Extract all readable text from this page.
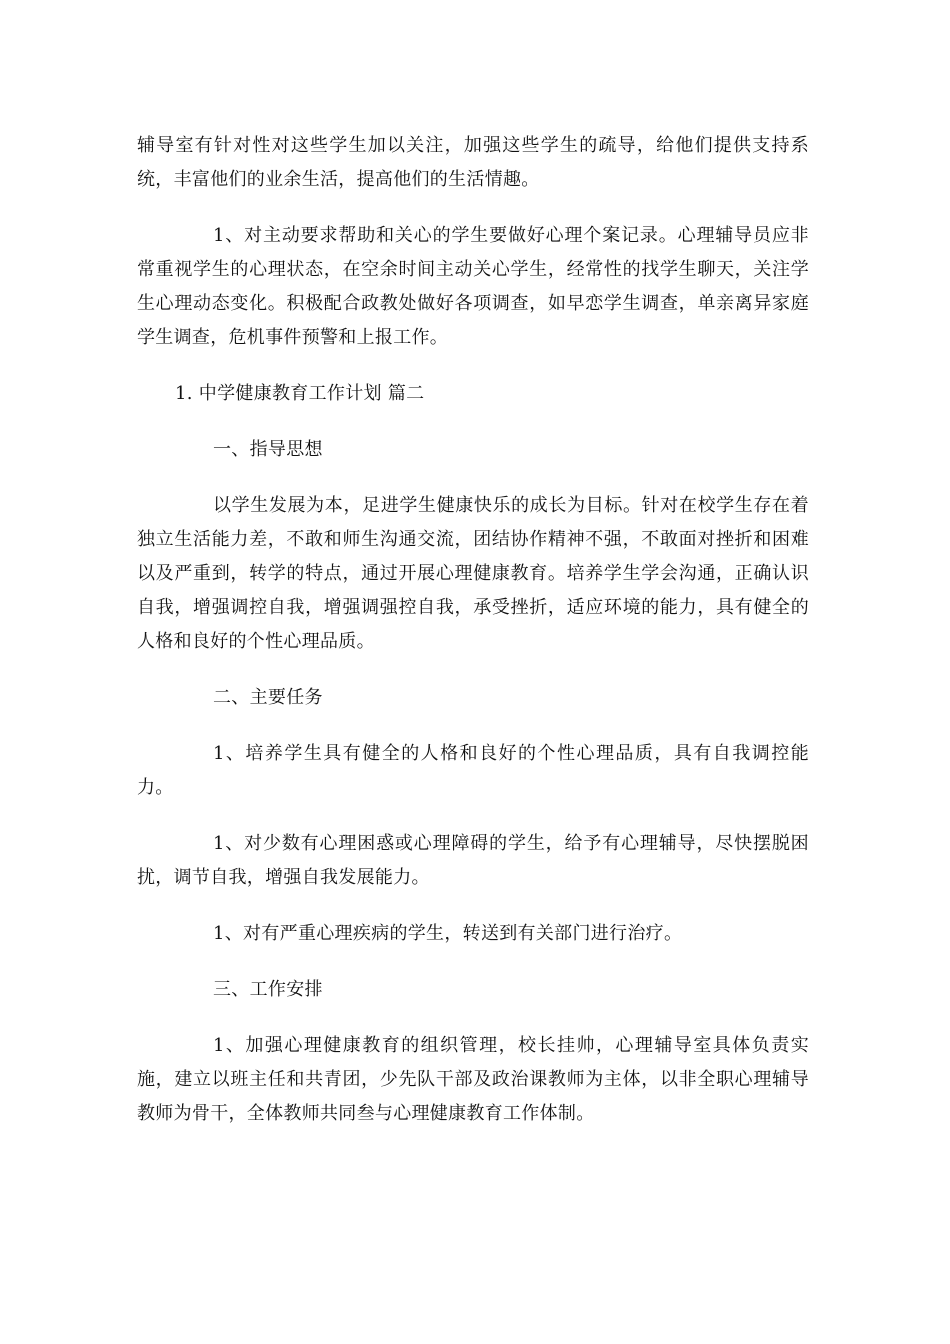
辅导室有针对性对这些学生加以关注，加强这些学生的疏导，给他们提供支持系统，丰富他们的业余生活，提高他们的生活情趣。

1、对主动要求帮助和关心的学生要做好心理个案记录。心理辅导员应非常重视学生的心理状态，在空余时间主动关心学生，经常性的找学生聊天，关注学生心理动态变化。积极配合政教处做好各项调查，如早恋学生调查，单亲离异家庭学生调查，危机事件预警和上报工作。

1. 中学健康教育工作计划 篇二

一、指导思想

以学生发展为本，足进学生健康快乐的成长为目标。针对在校学生存在着独立生活能力差，不敢和师生沟通交流，团结协作精神不强，不敢面对挫折和困难以及严重到，转学的特点，通过开展心理健康教育。培养学生学会沟通，正确认识自我，增强调控自我，增强调强控自我，承受挫折，适应环境的能力，具有健全的人格和良好的个性心理品质。

二、主要任务

1、培养学生具有健全的人格和良好的个性心理品质，具有自我调控能力。

1、对少数有心理困惑或心理障碍的学生，给予有心理辅导，尽快摆脱困扰，调节自我，增强自我发展能力。

1、对有严重心理疾病的学生，转送到有关部门进行治疗。

三、工作安排

1、加强心理健康教育的组织管理，校长挂帅，心理辅导室具体负责实施，建立以班主任和共青团，少先队干部及政治课教师为主体，以非全职心理辅导教师为骨干，全体教师共同叁与心理健康教育工作体制。
